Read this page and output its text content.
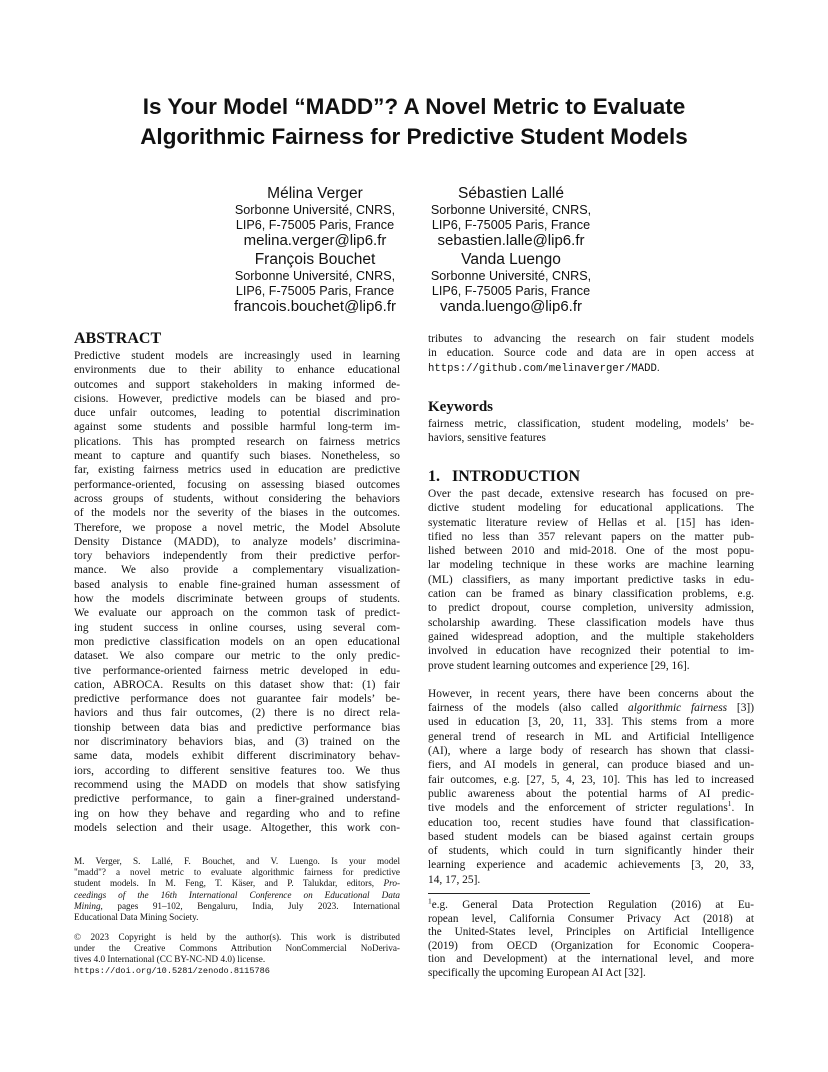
Is Your Model “MADD”? A Novel Metric to Evaluate
Algorithmic Fairness for Predictive Student Models
Mélina Verger
Sorbonne Université, CNRS,
LIP6, F-75005 Paris, France
melina.verger@lip6.fr
Sébastien Lallé
Sorbonne Université, CNRS,
LIP6, F-75005 Paris, France
sebastien.lalle@lip6.fr
François Bouchet
Sorbonne Université, CNRS,
LIP6, F-75005 Paris, France
francois.bouchet@lip6.fr
Vanda Luengo
Sorbonne Université, CNRS,
LIP6, F-75005 Paris, France
vanda.luengo@lip6.fr
ABSTRACT
Predictive student models are increasingly used in learning
environments due to their ability to enhance educational
outcomes and support stakeholders in making informed de-
cisions. However, predictive models can be biased and pro-
duce unfair outcomes, leading to potential discrimination
against some students and possible harmful long-term im-
plications. This has prompted research on fairness metrics
meant to capture and quantify such biases. Nonetheless, so
far, existing fairness metrics used in education are predictive
performance-oriented, focusing on assessing biased outcomes
across groups of students, without considering the behaviors
of the models nor the severity of the biases in the outcomes.
Therefore, we propose a novel metric, the Model Absolute
Density Distance (MADD), to analyze models’ discrimina-
tory behaviors independently from their predictive perfor-
mance. We also provide a complementary visualization-
based analysis to enable fine-grained human assessment of
how the models discriminate between groups of students.
We evaluate our approach on the common task of predict-
ing student success in online courses, using several com-
mon predictive classification models on an open educational
dataset. We also compare our metric to the only predic-
tive performance-oriented fairness metric developed in edu-
cation, ABROCA. Results on this dataset show that: (1) fair
predictive performance does not guarantee fair models’ be-
haviors and thus fair outcomes, (2) there is no direct rela-
tionship between data bias and predictive performance bias
nor discriminatory behaviors bias, and (3) trained on the
same data, models exhibit different discriminatory behav-
iors, according to different sensitive features too. We thus
recommend using the MADD on models that show satisfying
predictive performance, to gain a finer-grained understand-
ing on how they behave and regarding who and to refine
models selection and their usage. Altogether, this work con-
M. Verger, S. Lallé, F. Bouchet, and V. Luengo. Is your model
"madd"? a novel metric to evaluate algorithmic fairness for predictive
student models. In M. Feng, T. Käser, and P. Talukdar, editors, Pro-
ceedings of the 16th International Conference on Educational Data
Mining, pages 91–102, Bengaluru, India, July 2023. International
Educational Data Mining Society.
© 2023 Copyright is held by the author(s). This work is distributed
under the Creative Commons Attribution NonCommercial NoDeriva-
tives 4.0 International (CC BY-NC-ND 4.0) license.
https://doi.org/10.5281/zenodo.8115786
tributes to advancing the research on fair student models
in education. Source code and data are in open access at
https://github.com/melinaverger/MADD.
Keywords
fairness metric, classification, student modeling, models’ be-
haviors, sensitive features
1.   INTRODUCTION
Over the past decade, extensive research has focused on pre-
dictive student modeling for educational applications. The
systematic literature review of Hellas et al. [15] has iden-
tified no less than 357 relevant papers on the matter pub-
lished between 2010 and mid-2018. One of the most popu-
lar modeling technique in these works are machine learning
(ML) classifiers, as many important predictive tasks in edu-
cation can be framed as binary classification problems, e.g.
to predict dropout, course completion, university admission,
scholarship awarding. These classification models have thus
gained widespread adoption, and the multiple stakeholders
involved in education have recognized their potential to im-
prove student learning outcomes and experience [29, 16].
However, in recent years, there have been concerns about the
fairness of the models (also called algorithmic fairness [3])
used in education [3, 20, 11, 33]. This stems from a more
general trend of research in ML and Artificial Intelligence
(AI), where a large body of research has shown that classi-
fiers, and AI models in general, can produce biased and un-
fair outcomes, e.g. [27, 5, 4, 23, 10]. This has led to increased
public awareness about the potential harms of AI predic-
tive models and the enforcement of stricter regulations$^1$. In
education too, recent studies have found that classification-
based student models can be biased against certain groups
of students, which could in turn significantly hinder their
learning experience and academic achievements [3, 20, 33,
14, 17, 25].
$^1$e.g. General Data Protection Regulation (2016) at Eu-
ropean level, California Consumer Privacy Act (2018) at
the United-States level, Principles on Artificial Intelligence
(2019) from OECD (Organization for Economic Coopera-
tion and Development) at the international level, and more
specifically the upcoming European AI Act [32].
